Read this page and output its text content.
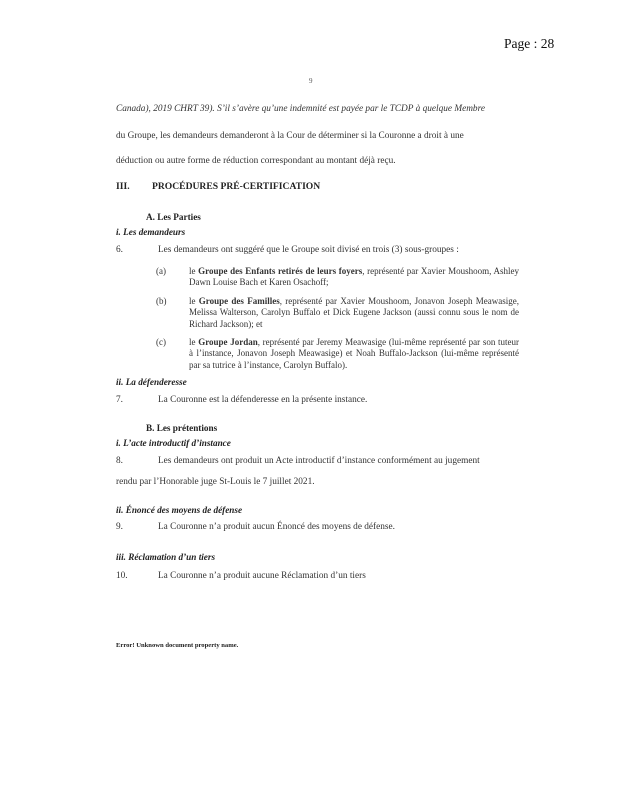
Page : 28
9
Canada), 2019 CHRT 39). S’il s’avère qu’une indemnité est payée par le TCDP à quelque Membre
du Groupe, les demandeurs demanderont à la Cour de déterminer si la Couronne a droit à une
déduction ou autre forme de réduction correspondant au montant déjà reçu.
III. PROCÉDURES PRÉ-CERTIFICATION
A. Les Parties
i. Les demandeurs
6.	Les demandeurs ont suggéré que le Groupe soit divisé en trois (3) sous-groupes :
(a)	le Groupe des Enfants retirés de leurs foyers, représenté par Xavier Moushoom, Ashley Dawn Louise Bach et Karen Osachoff;
(b)	le Groupe des Familles, représenté par Xavier Moushoom, Jonavon Joseph Meawasige, Melissa Walterson, Carolyn Buffalo et Dick Eugene Jackson (aussi connu sous le nom de Richard Jackson); et
(c)	le Groupe Jordan, représenté par Jeremy Meawasige (lui-même représenté par son tuteur à l’instance, Jonavon Joseph Meawasige) et Noah Buffalo-Jackson (lui-même représenté par sa tutrice à l’instance, Carolyn Buffalo).
ii. La défenderesse
7.	La Couronne est la défenderesse en la présente instance.
B. Les prétentions
i. L’acte introductif d’instance
8.	Les demandeurs ont produit un Acte introductif d’instance conformément au jugement
rendu par l’Honorable juge St-Louis le 7 juillet 2021.
ii. Énoncé des moyens de défense
9.	La Couronne n’a produit aucun Énoncé des moyens de défense.
iii. Réclamation d’un tiers
10.	La Couronne n’a produit aucune Réclamation d’un tiers
Error! Unknown document property name.
